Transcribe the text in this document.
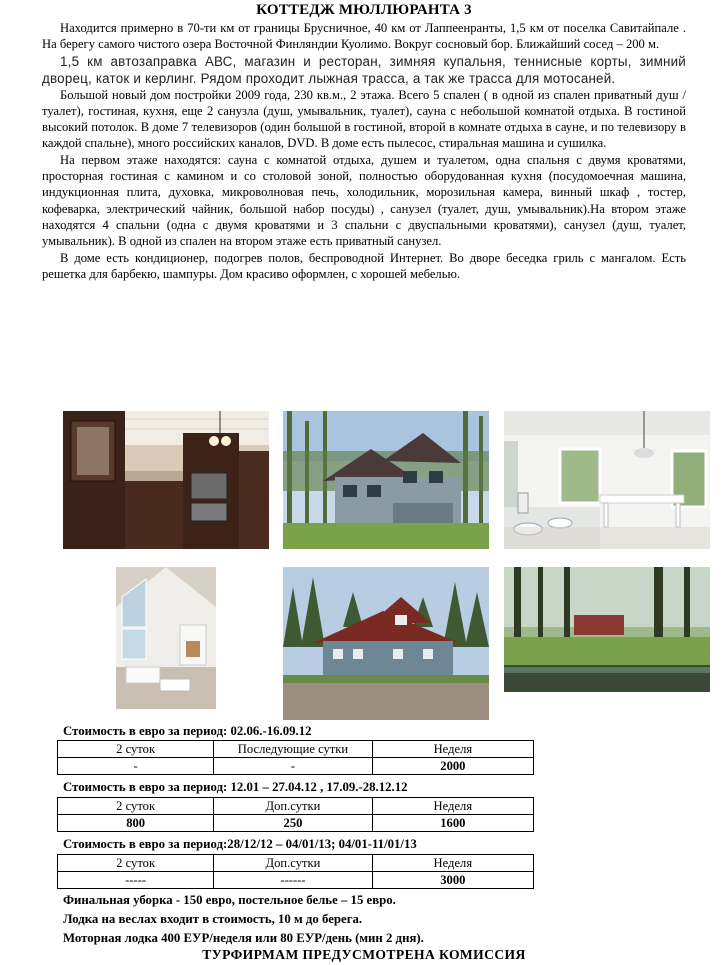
КОТТЕДЖ МЮЛЛЮРАНТА 3

Находится примерно в 70-ти км от границы Брусничное, 40 км от Лаппеенранты, 1,5 км от поселка Савитайпале . На берегу самого чистого озера Восточной Финляндии Куолимо. Вокруг сосновый бор. Ближайший сосед – 200 м.

1,5 км автозаправка АВС, магазин и ресторан, зимняя купальня, теннисные корты, зимний дворец, каток и керлинг. Рядом проходит лыжная трасса, а так же трасса для мотосаней.

Большой новый дом постройки 2009 года, 230 кв.м., 2 этажа. Всего 5 спален ( в одной из спален приватный душ / туалет), гостиная, кухня, еще 2 санузла (душ, умывальник, туалет), сауна с небольшой комнатой отдыха. В гостиной высокий потолок. В доме 7 телевизоров (один большой в гостиной, второй в комнате отдыха в сауне, и по телевизору в каждой спальне), много российских каналов, DVD. В доме есть пылесос, стиральная машина и сушилка.

На первом этаже находятся: сауна с комнатой отдыха, душем и туалетом, одна спальня с двумя кроватями, просторная гостиная с камином и со столовой зоной, полностью оборудованная кухня (посудомоечная машина, индукционная плита, духовка, микроволновая печь, холодильник, морозильная камера, винный шкаф , тостер, кофеварка, электрический чайник, большой набор посуды) , санузел (туалет, душ, умывальник).На втором этаже находятся 4 спальни (одна с двумя кроватями и 3 спальни с двуспальными кроватями), санузел (душ, туалет, умывальник). В одной из спален на втором этаже есть приватный санузел.

В доме есть кондиционер, подогрев полов, беспроводной Интернет. Во дворе беседка гриль с мангалом. Есть решетка для барбекю, шампуры. Дом красиво оформлен, с хорошей мебелью.

Стоимость в евро за период: 02.06.-16.09.12
2 суток	Последующие сутки	Неделя
-	-	2000
Стоимость в евро за период: 12.01 – 27.04.12 , 17.09.-28.12.12
2 суток	Доп.сутки	Неделя
800	250	1600
Стоимость в евро за период:28/12/12 – 04/01/13; 04/01-11/01/13
2 суток	Доп.сутки	Неделя
-----	------	3000
Финальная уборка - 150 евро, постельное белье – 15 евро.
Лодка на веслах входит в стоимость, 10 м до берега.
Моторная лодка 400 ЕУР/неделя или 80 ЕУР/день (мин 2 дня).
ТУРФИРМАМ ПРЕДУСМОТРЕНА КОМИССИЯ
